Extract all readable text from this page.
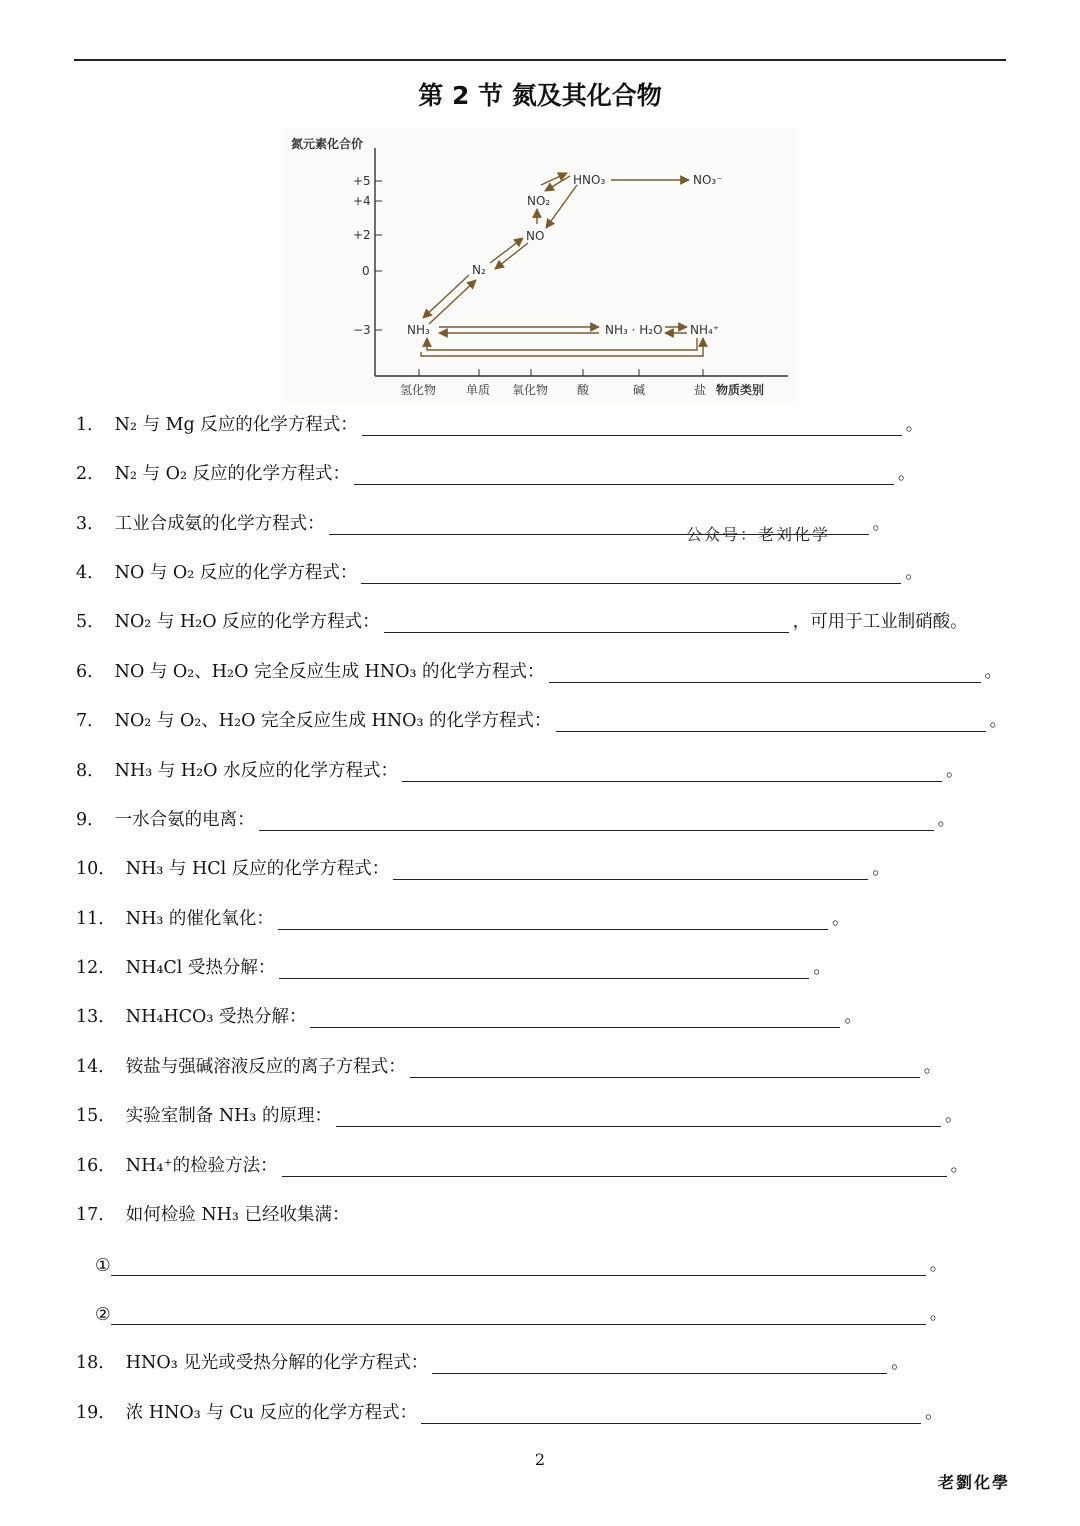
第 2 节 氮及其化合物
氮元素化合价
物质类别
+5
+4
+2
0
−3
氢化物 单质 氧化物 酸	碱	盐
HNO₃	NO₃⁻
NO₂
NO
N₂
NH₃	NH₃ · H₂O NH₄⁺
1． N₂ 与 Mg 反应的化学方程式：	。
2． N₂ 与 O₂ 反应的化学方程式：	。
3． 工业合成氨的化学方程式：	。
4． NO 与 O₂ 反应的化学方程式：	。
5． NO₂ 与 H₂O 反应的化学方程式：	，可用于工业制硝酸。
6． NO 与 O₂、H₂O 完全反应生成 HNO₃ 的化学方程式：	。
7． NO₂ 与 O₂、H₂O 完全反应生成 HNO₃ 的化学方程式：	。
8． NH₃ 与 H₂O 水反应的化学方程式：	。
9． 一水合氨的电离：	。
10． NH₃ 与 HCl 反应的化学方程式：	。
11． NH₃ 的催化氧化：	。
12． NH₄Cl 受热分解：	。
13． NH₄HCO₃ 受热分解：	。
14． 铵盐与强碱溶液反应的离子方程式：	。
15． 实验室制备 NH₃ 的原理：	。
16． NH₄⁺的检验方法：	。
17． 如何检验 NH₃ 已经收集满：
①	。
②	。
18． HNO₃ 见光或受热分解的化学方程式：	。
19． 浓 HNO₃ 与 Cu 反应的化学方程式：	。
公众号：老刘化学
2
老劉化學
